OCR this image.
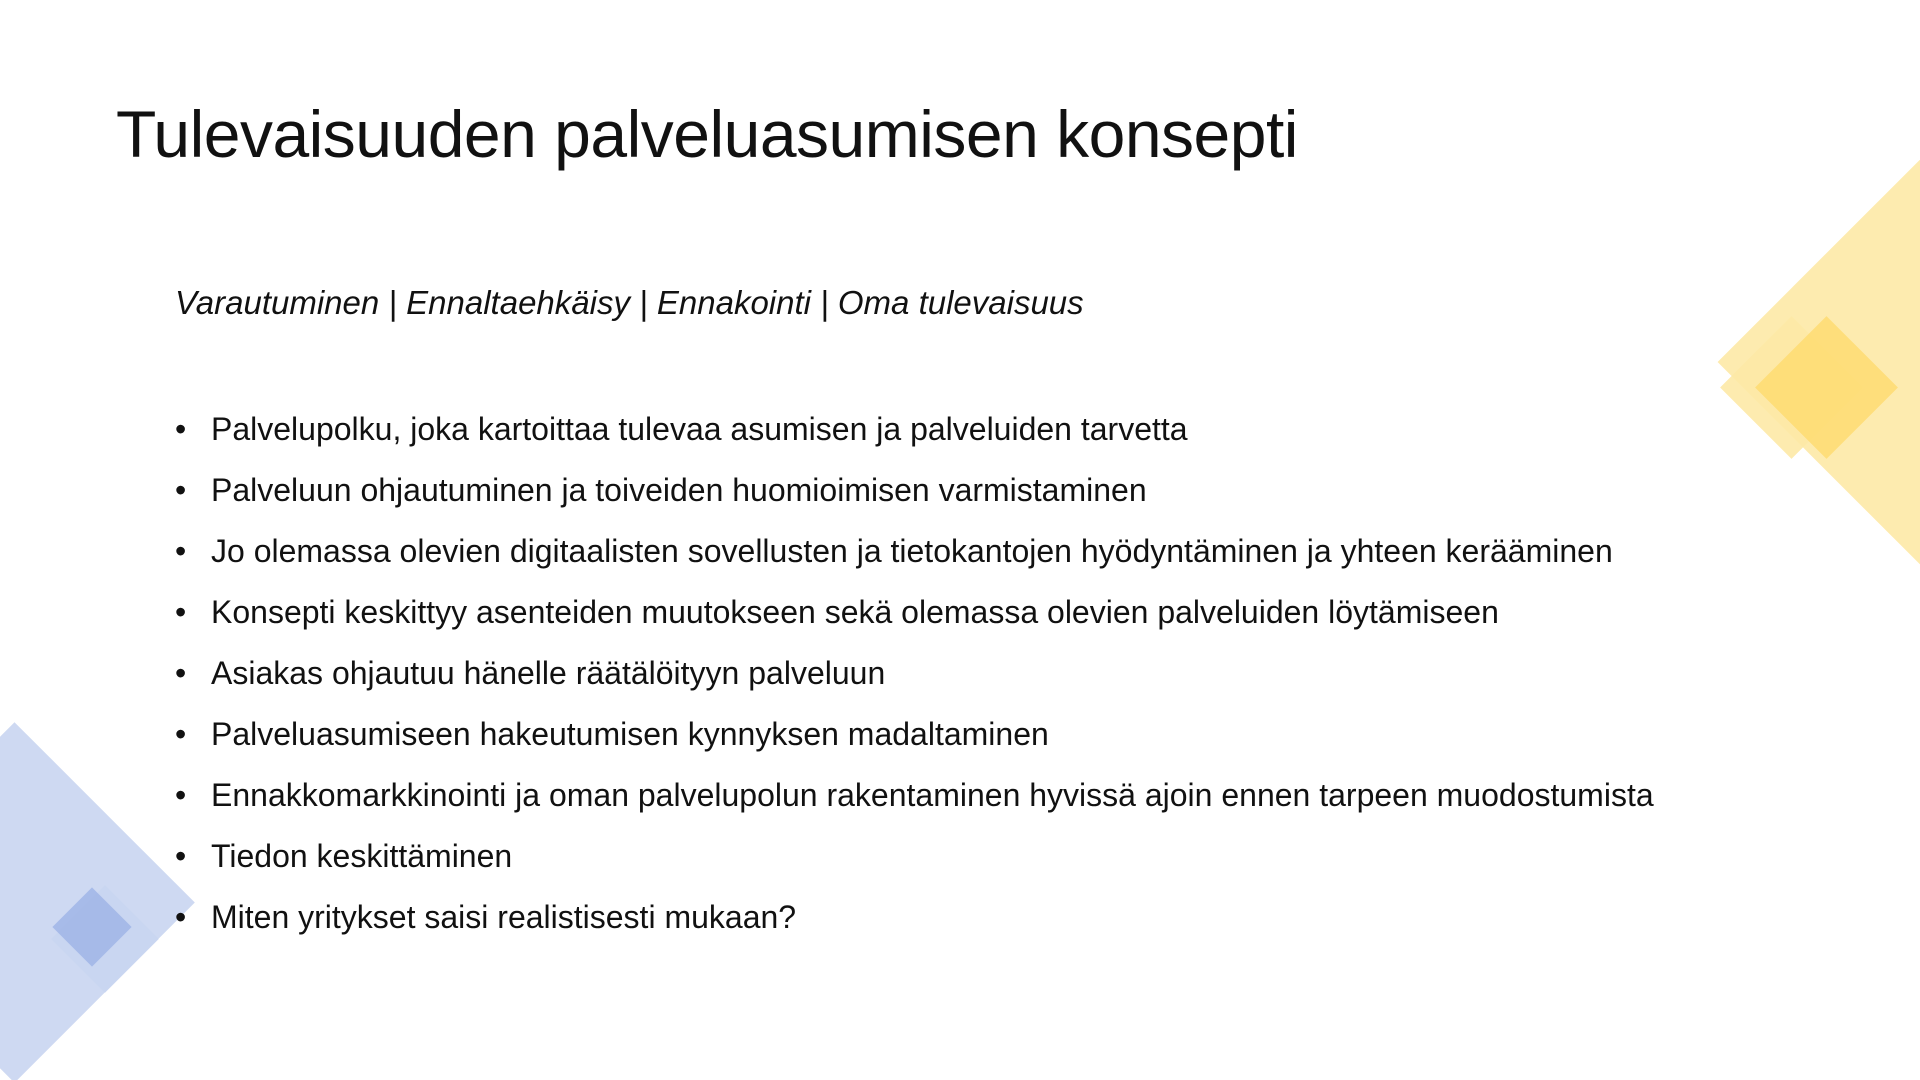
Tulevaisuuden palveluasumisen konsepti

Varautuminen | Ennaltaehkäisy | Ennakointi | Oma tulevaisuus

• Palvelupolku, joka kartoittaa tulevaa asumisen ja palveluiden tarvetta
• Palveluun ohjautuminen ja toiveiden huomioimisen varmistaminen
• Jo olemassa olevien digitaalisten sovellusten ja tietokantojen hyödyntäminen ja yhteen kerääminen
• Konsepti keskittyy asenteiden muutokseen sekä olemassa olevien palveluiden löytämiseen
• Asiakas ohjautuu hänelle räätälöityyn palveluun
• Palveluasumiseen hakeutumisen kynnyksen madaltaminen
• Ennakkomarkkinointi ja oman palvelupolun rakentaminen hyvissä ajoin ennen tarpeen muodostumista
• Tiedon keskittäminen
• Miten yritykset saisi realistisesti mukaan?
